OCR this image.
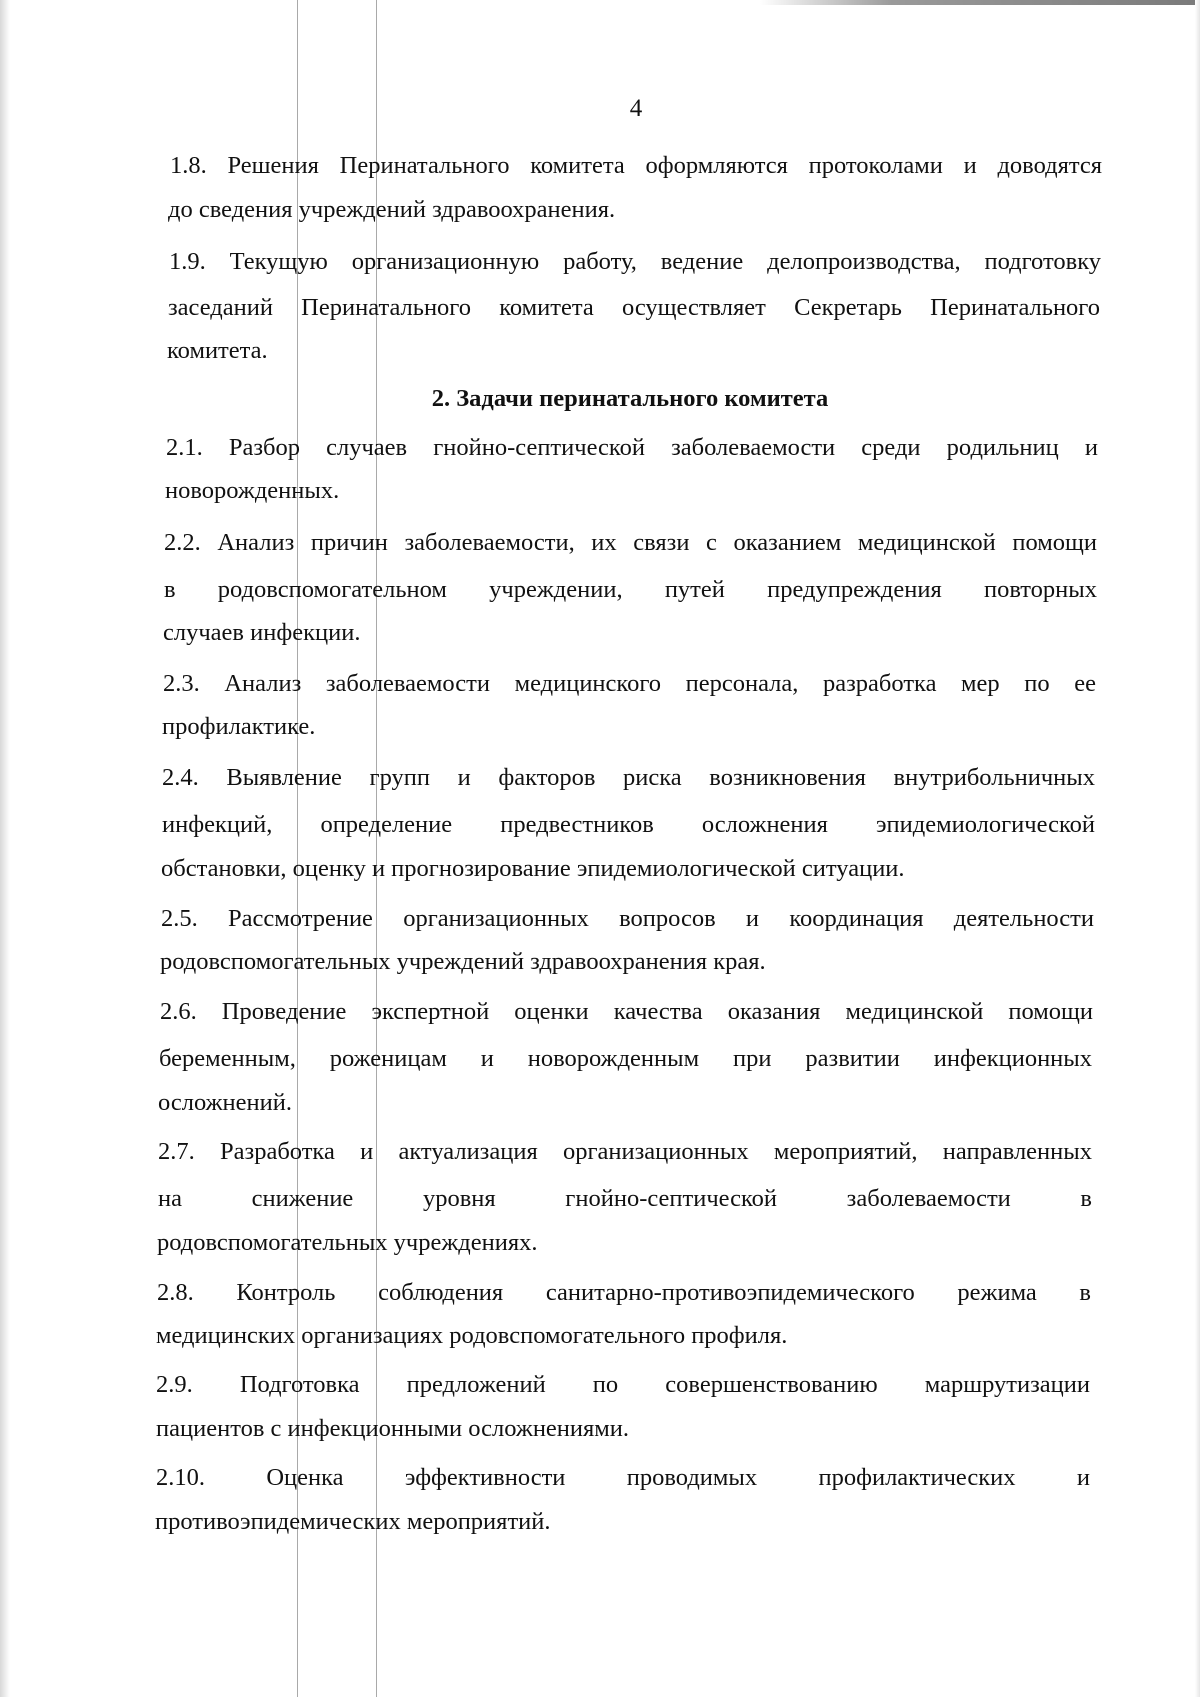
4
1.8. Решения Перинатального комитета оформляются протоколами и доводятся
до сведения учреждений здравоохранения.
1.9. Текущую организационную работу, ведение делопроизводства, подготовку
заседаний Перинатального комитета осуществляет Секретарь Перинатального
комитета.
2. Задачи перинатального комитета
2.1. Разбор случаев гнойно-септической заболеваемости среди родильниц и
новорожденных.
2.2. Анализ причин заболеваемости, их связи с оказанием медицинской помощи
в родовспомогательном учреждении, путей предупреждения повторных
случаев инфекции.
2.3. Анализ заболеваемости медицинского персонала, разработка мер по ее
профилактике.
2.4. Выявление групп и факторов риска возникновения внутрибольничных
инфекций, определение предвестников осложнения эпидемиологической
обстановки, оценку и прогнозирование эпидемиологической ситуации.
2.5. Рассмотрение организационных вопросов и координация деятельности
родовспомогательных учреждений здравоохранения края.
2.6. Проведение экспертной оценки качества оказания медицинской помощи
беременным, роженицам и новорожденным при развитии инфекционных
осложнений.
2.7. Разработка и актуализация организационных мероприятий, направленных
на снижение уровня гнойно-септической заболеваемости в
родовспомогательных учреждениях.
2.8. Контроль соблюдения санитарно-противоэпидемического режима в
медицинских организациях родовспомогательного профиля.
2.9. Подготовка предложений по совершенствованию маршрутизации
пациентов с инфекционными осложнениями.
2.10. Оценка эффективности проводимых профилактических и
противоэпидемических мероприятий.
